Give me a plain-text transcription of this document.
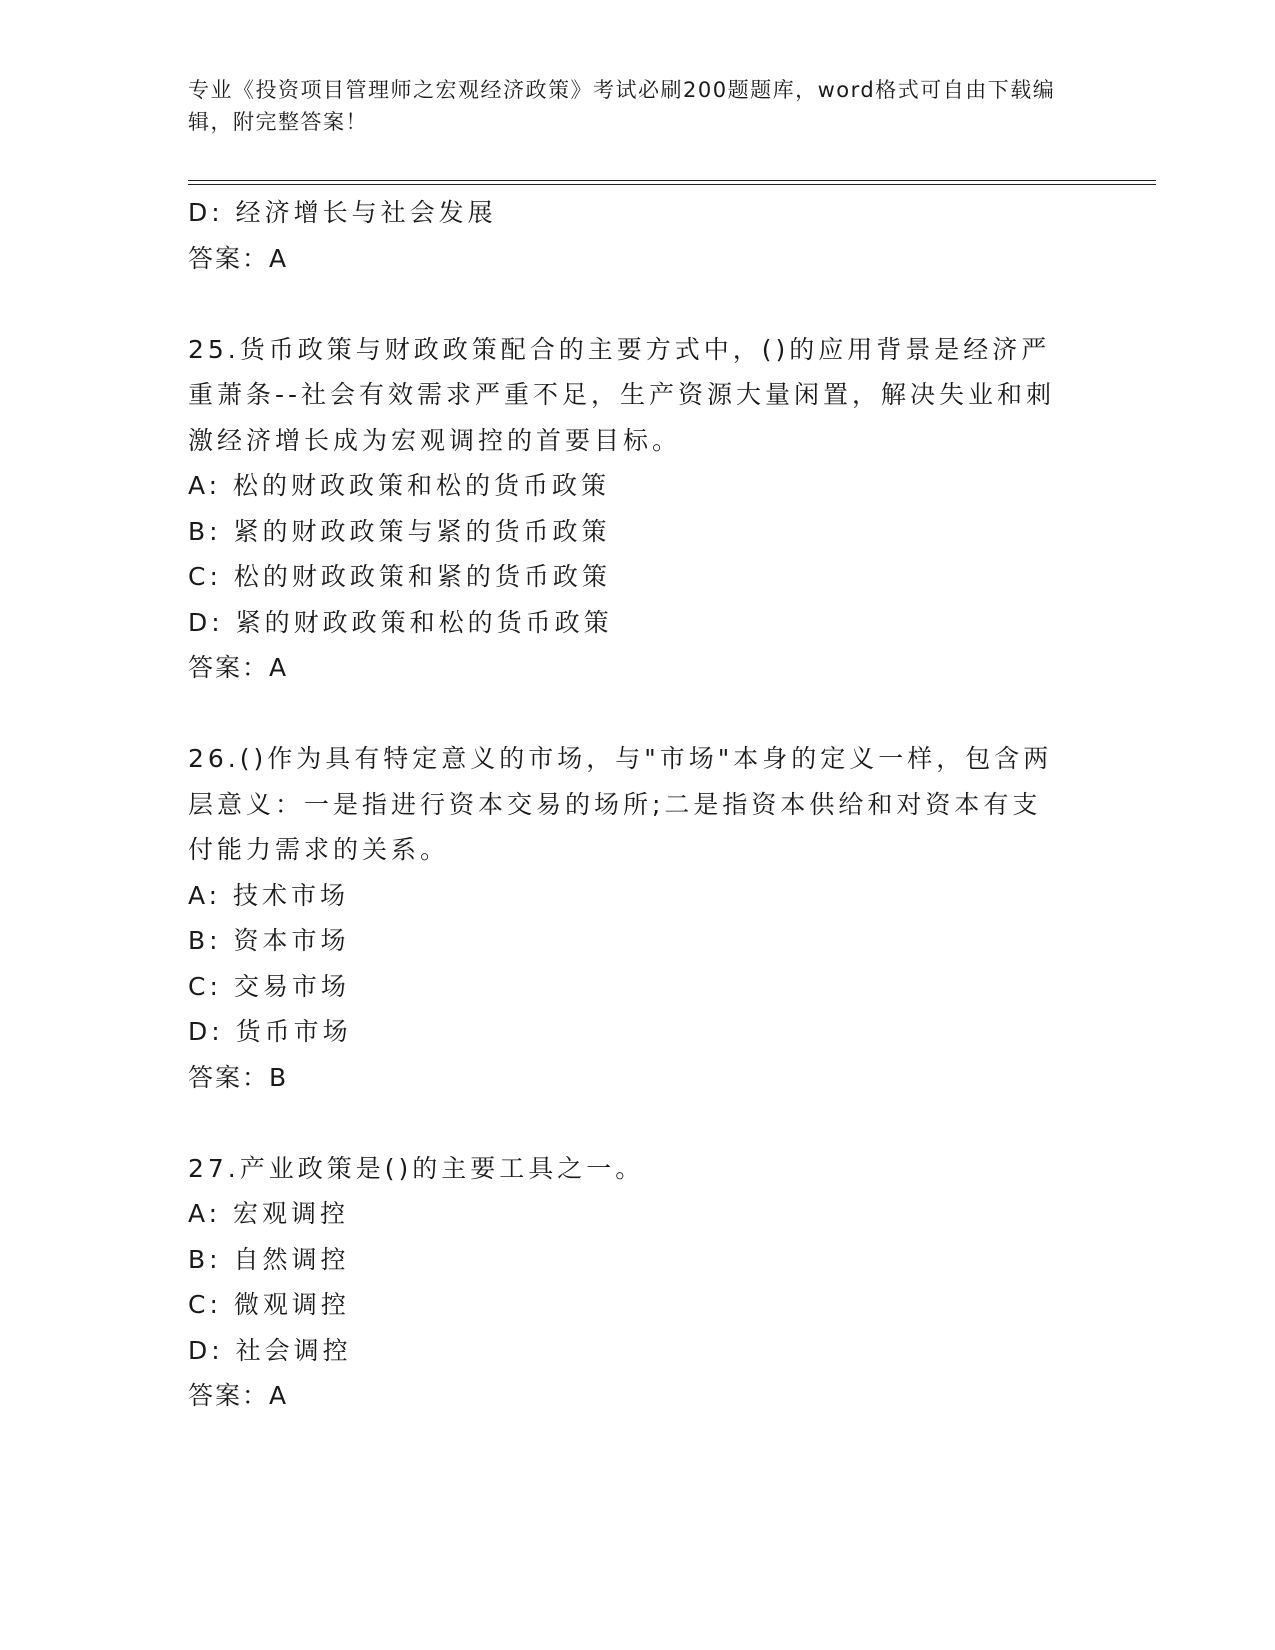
专业《投资项目管理师之宏观经济政策》考试必刷200题题库，word格式可自由下载编辑，附完整答案！
D: 经济增长与社会发展
答案：A
25.货币政策与财政政策配合的主要方式中，()的应用背景是经济严重萧条--社会有效需求严重不足，生产资源大量闲置，解决失业和刺激经济增长成为宏观调控的首要目标。
A: 松的财政政策和松的货币政策
B: 紧的财政政策与紧的货币政策
C: 松的财政政策和紧的货币政策
D: 紧的财政政策和松的货币政策
答案：A
26.()作为具有特定意义的市场，与"市场"本身的定义一样，包含两层意义：一是指进行资本交易的场所;二是指资本供给和对资本有支付能力需求的关系。
A: 技术市场
B: 资本市场
C: 交易市场
D: 货币市场
答案：B
27.产业政策是()的主要工具之一。
A: 宏观调控
B: 自然调控
C: 微观调控
D: 社会调控
答案：A
